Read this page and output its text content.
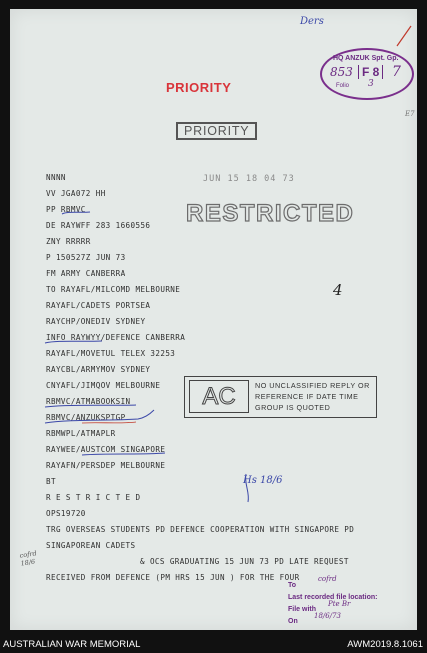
Ders
HQ ANZUK Spt. Gp.
853 F 8 7
Folio 3
E7
PRIORITY
PRIORITY
JUN 15 18 04 73
RESTRICTED
4
AC	NO UNCLASSIFIED REPLY OR
REFERENCE IF DATE TIME
GROUP IS QUOTED
NNNN
VV JGA072 HH
PP RBMVC
DE RAYWFF 283 1660556
ZNY RRRRR
P 150527Z JUN 73
FM ARMY CANBERRA
TO RAYAFL/MILCOMD MELBOURNE
RAYAFL/CADETS PORTSEA
RAYCHP/ONEDIV SYDNEY
INFO RAYWYY/DEFENCE CANBERRA
RAYAFL/MOVETUL TELEX 32253
RAYCBL/ARMYMOV SYDNEY
CNYAFL/JIMQOV MELBOURNE
RBMVC/ATMABOOKSIN
RBMVC/ANZUKSPTGP
RBMWPL/ATMAPLR
RAYWEE/AUSTCOM SINGAPORE
RAYAFN/PERSDEP MELBOURNE
BT
R E S T R I C T E D
OPS19720
TRG OVERSEAS STUDENTS PD DEFENCE COOPERATION WITH SINGAPORE PD
SINGAPOREAN CADETS
& OCS GRADUATING 15 JUN 73 PD LATE REQUEST
RECEIVED FROM DEFENCE (PM HRS 15 JUN ) FOR THE FOUR
Hs 18/6
cofrd 18/6
To
Last recorded file location:
File with
On
cofrd
Pte Br
18/6/73
AUSTRALIAN WAR MEMORIAL	AWM2019.8.1061
